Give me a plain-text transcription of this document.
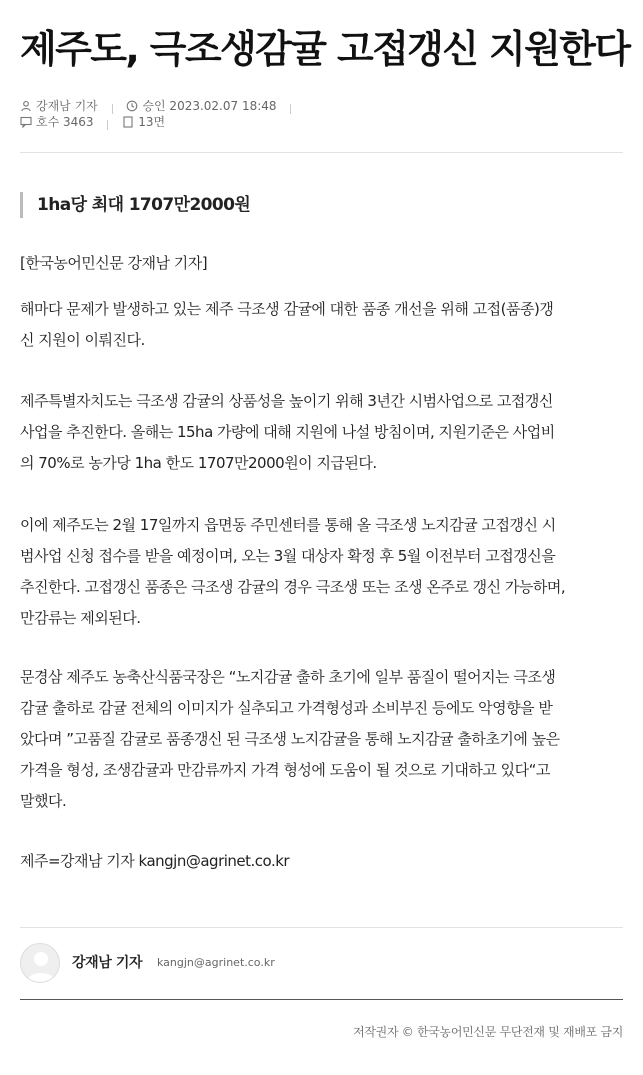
제주도, 극조생감귤 고접갱신 지원한다
강재남 기자
	승인 2023.02.07 18:48

호수 3463
	13면
1ha당 최대 1707만2000원
[한국농어민신문 강재남 기자]
해마다 문제가 발생하고 있는 제주 극조생 감귤에 대한 품종 개선을 위해 고접(품종)갱
신 지원이 이뤄진다.
제주특별자치도는 극조생 감귤의 상품성을 높이기 위해 3년간 시범사업으로 고접갱신
사업을 추진한다. 올해는 15ha 가량에 대해 지원에 나설 방침이며, 지원기준은 사업비
의 70%로 농가당 1ha 한도 1707만2000원이 지급된다.
이에 제주도는 2월 17일까지 읍면동 주민센터를 통해 올 극조생 노지감귤 고접갱신 시
범사업 신청 접수를 받을 예정이며, 오는 3월 대상자 확정 후 5월 이전부터 고접갱신을
추진한다. 고접갱신 품종은 극조생 감귤의 경우 극조생 또는 조생 온주로 갱신 가능하며,
만감류는 제외된다.
문경삼 제주도 농축산식품국장은 “노지감귤 출하 초기에 일부 품질이 떨어지는 극조생
감귤 출하로 감귤 전체의 이미지가 실추되고 가격형성과 소비부진 등에도 악영향을 받
았다며 ”고품질 감귤로 품종갱신 된 극조생 노지감귤을 통해 노지감귤 출하초기에 높은
가격을 형성, 조생감귤과 만감류까지 가격 형성에 도움이 될 것으로 기대하고 있다“고
말했다.
제주=강재남 기자 kangjn@agrinet.co.kr
강재남 기자 kangjn@agrinet.co.kr
저작권자 © 한국농어민신문 무단전재 및 재배포 금지
